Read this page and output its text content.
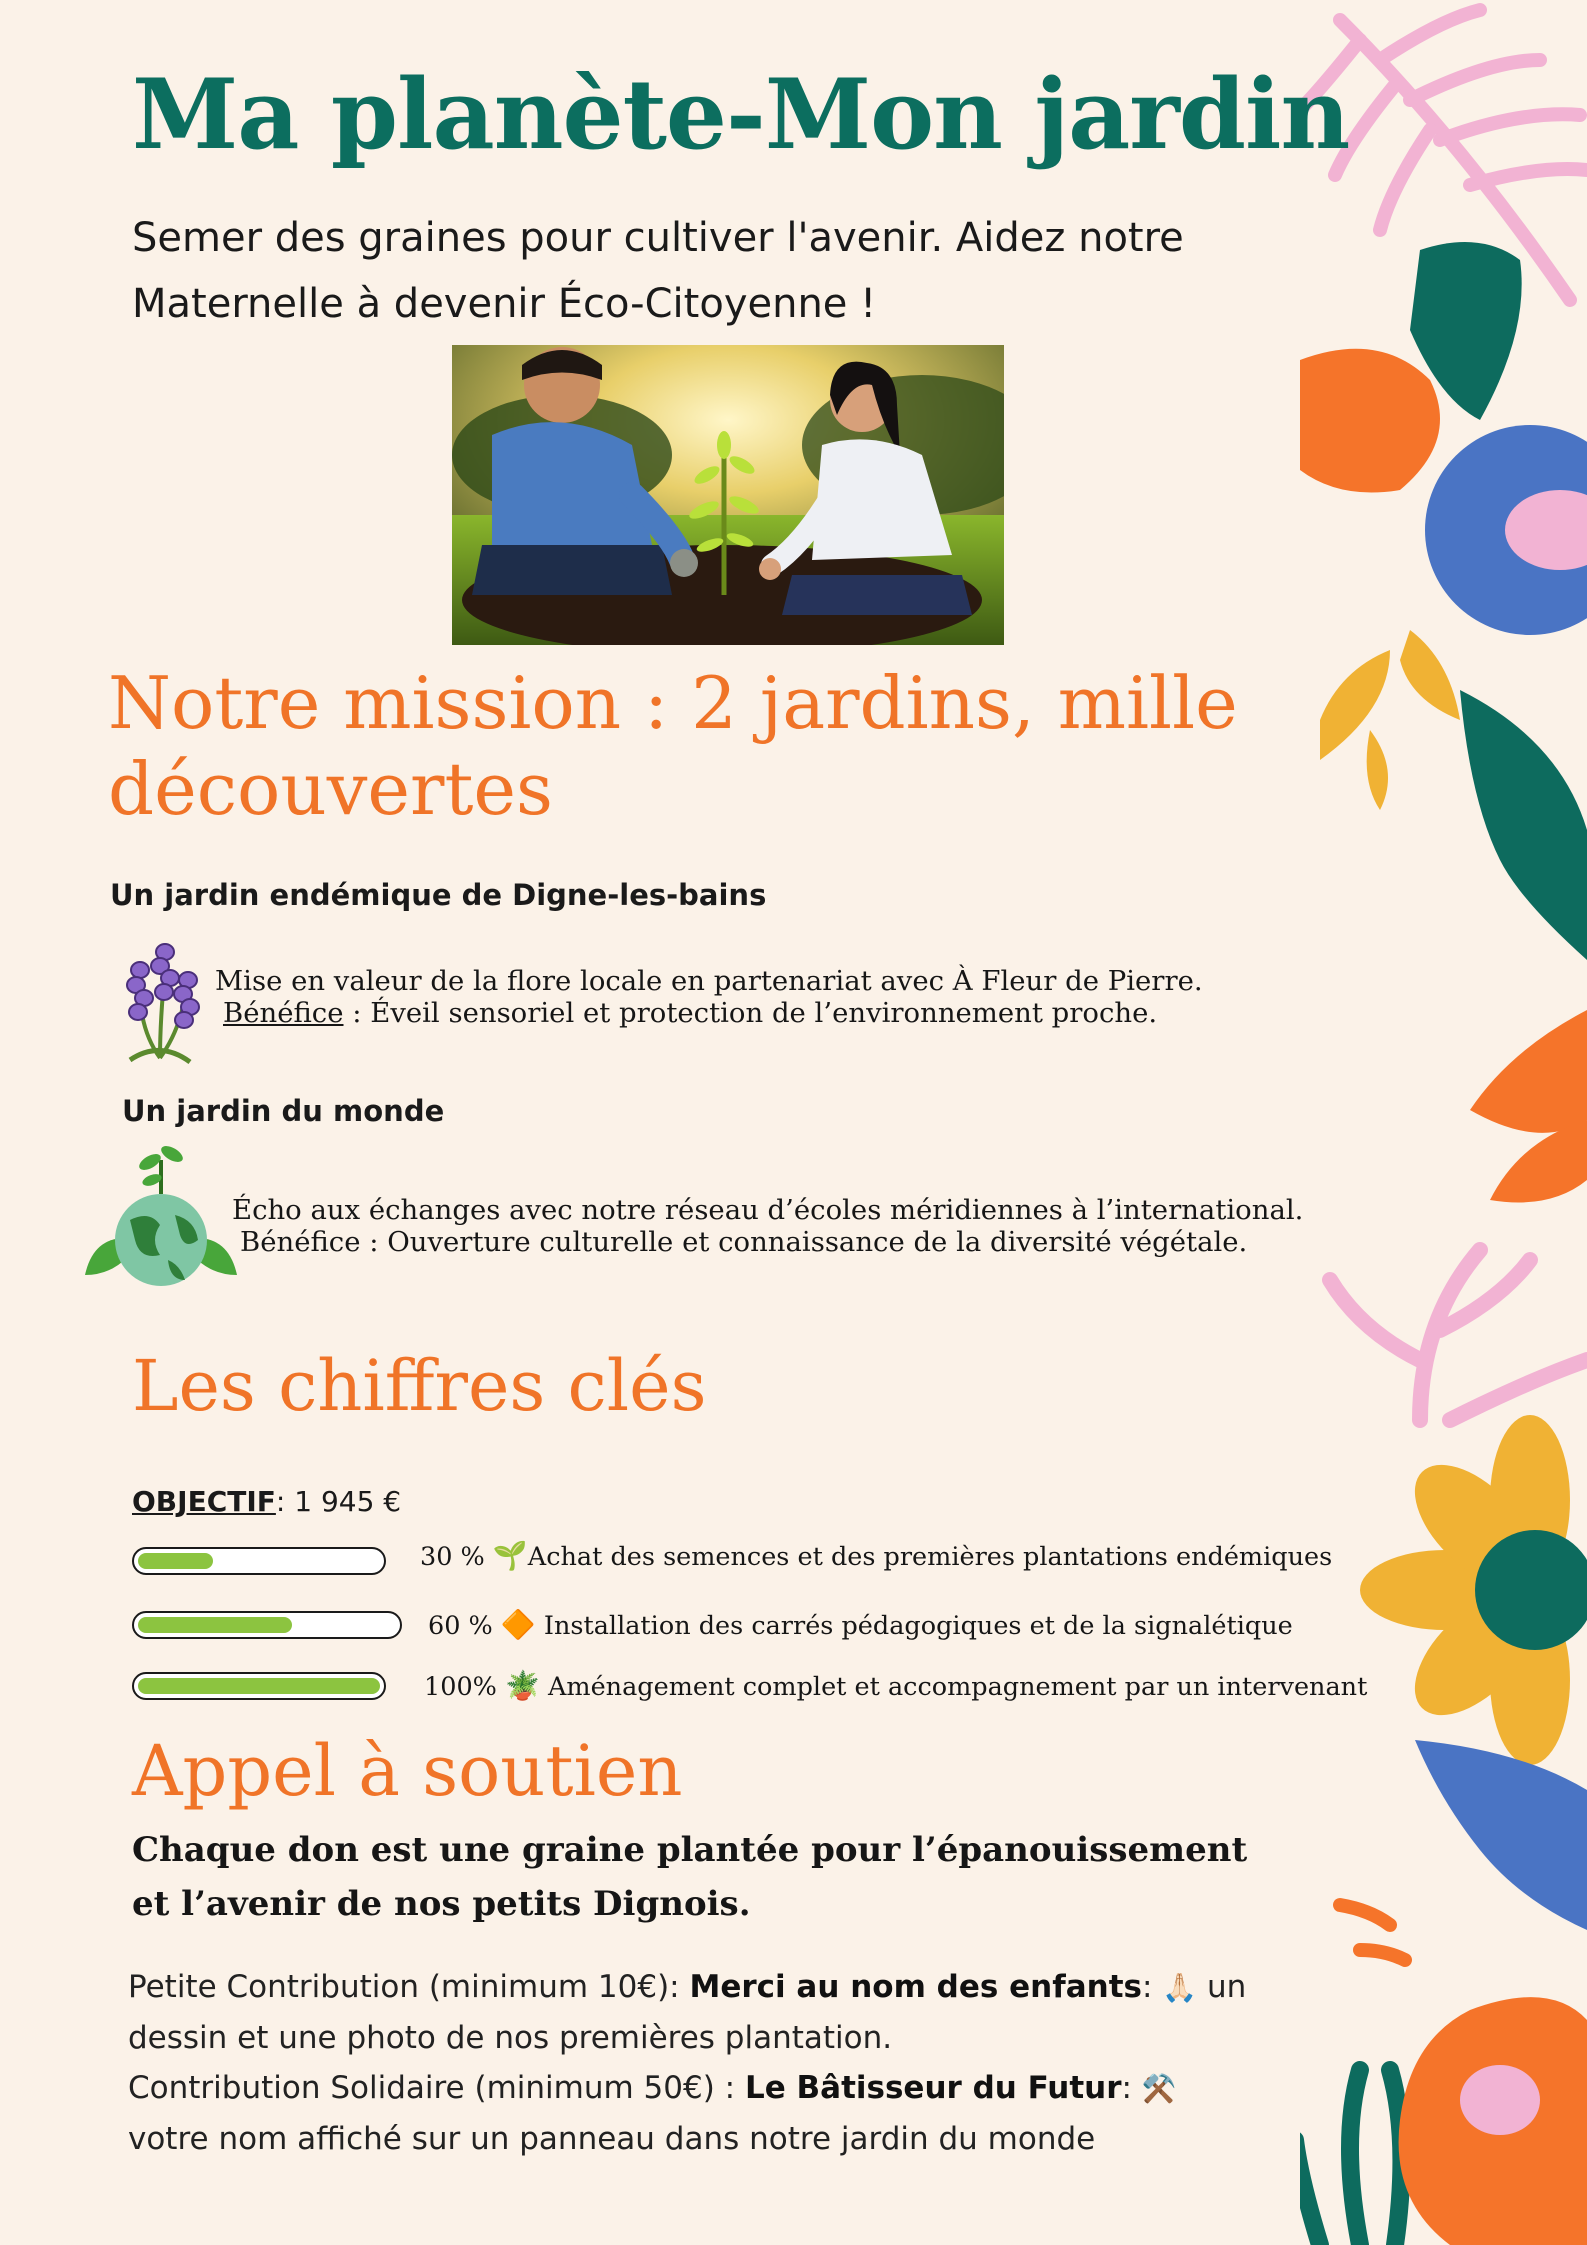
Ma planète-Mon jardin

Semer des graines pour cultiver l'avenir. Aidez notre Maternelle à devenir Éco-Citoyenne !

Notre mission : 2 jardins, mille découvertes
Un jardin endémique de Digne-les-bains

Mise en valeur de la flore locale en partenariat avec À Fleur de Pierre.

Bénéfice : Éveil sensoriel et protection de l’environnement proche.

Un jardin du monde

Écho aux échanges avec notre réseau d’écoles méridiennes à l’international.

Bénéfice : Ouverture culturelle et connaissance de la diversité végétale.

Les chiffres clés

OBJECTIF: 1 945 €

30 % 🌱Achat des semences et des premières plantations endémiques

60 % 🔶 Installation des carrés pédagogiques et de la signalétique

100% 🪴 Aménagement complet et accompagnement par un intervenant

Appel à soutien

Chaque don est une graine plantée pour l’épanouissement et l’avenir de nos petits Dignois.

Petite Contribution (minimum 10€): Merci au nom des enfants: 🙏🏻 un dessin et une photo de nos premières plantation.
Contribution Solidaire (minimum 50€) : Le Bâtisseur du Futur: ⚒️
votre nom affiché sur un panneau dans notre jardin du monde
